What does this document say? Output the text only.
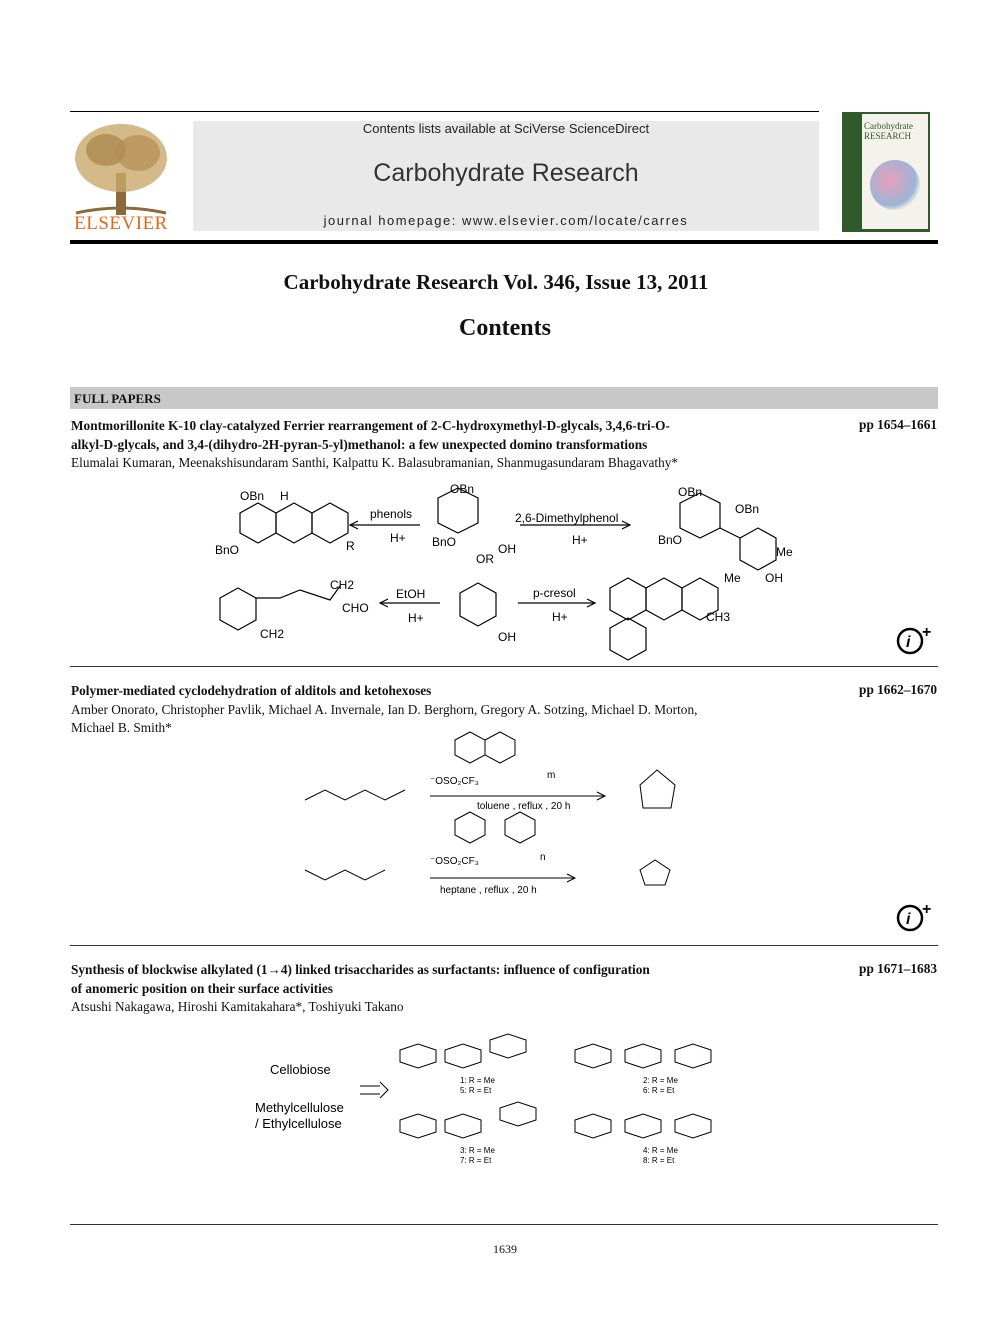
ELSEVIER
Contents lists available at SciVerse ScienceDirect
Carbohydrate Research
journal homepage: www.elsevier.com/locate/carres
Carbohydrate
RESEARCH
Carbohydrate Research Vol. 346, Issue 13, 2011
Contents
FULL PAPERS
Montmorillonite K-10 clay-catalyzed Ferrier rearrangement of 2-C-hydroxymethyl-D-glycals, 3,4,6-tri-O-
alkyl-D-glycals, and 3,4-(dihydro-2H-pyran-5-yl)methanol: a few unexpected domino transformations
pp 1654–1661
Elumalai Kumaran, Meenakshisundaram Santhi, Kalpattu K. Balasubramanian, Shanmugasundaram Bhagavathy*
OBn H
BnO	R
phenols
H+
OBn
BnO
OR
OH
2,6-Dimethylphenol
H+
OBn
OBn
BnO
Me
Me OH
EtOH
H+
CH2
CHO
CH2	OH
p-cresol
H+	CH3
i
+
Polymer-mediated cyclodehydration of alditols and ketohexoses	pp 1662–1670
Amber Onorato, Christopher Pavlik, Michael A. Invernale, Ian D. Berghorn, Gregory A. Sotzing, Michael D. Morton,
Michael B. Smith*
⁻OSO₂CF₃
toluene , reflux , 20 h
⁻OSO₂CF₃
heptane , reflux , 20 h
m
n
i
+
Synthesis of blockwise alkylated (1→4) linked trisaccharides as surfactants: influence of configuration
of anomeric position on their surface activities
pp 1671–1683
Atsushi Nakagawa, Hiroshi Kamitakahara*, Toshiyuki Takano
Cellobiose
Methylcellulose
/ Ethylcellulose
1: R = Me
5: R = Et
2: R = Me
6: R = Et
3: R = Me
7: R = Et
4: R = Me
8: R = Et
1639
